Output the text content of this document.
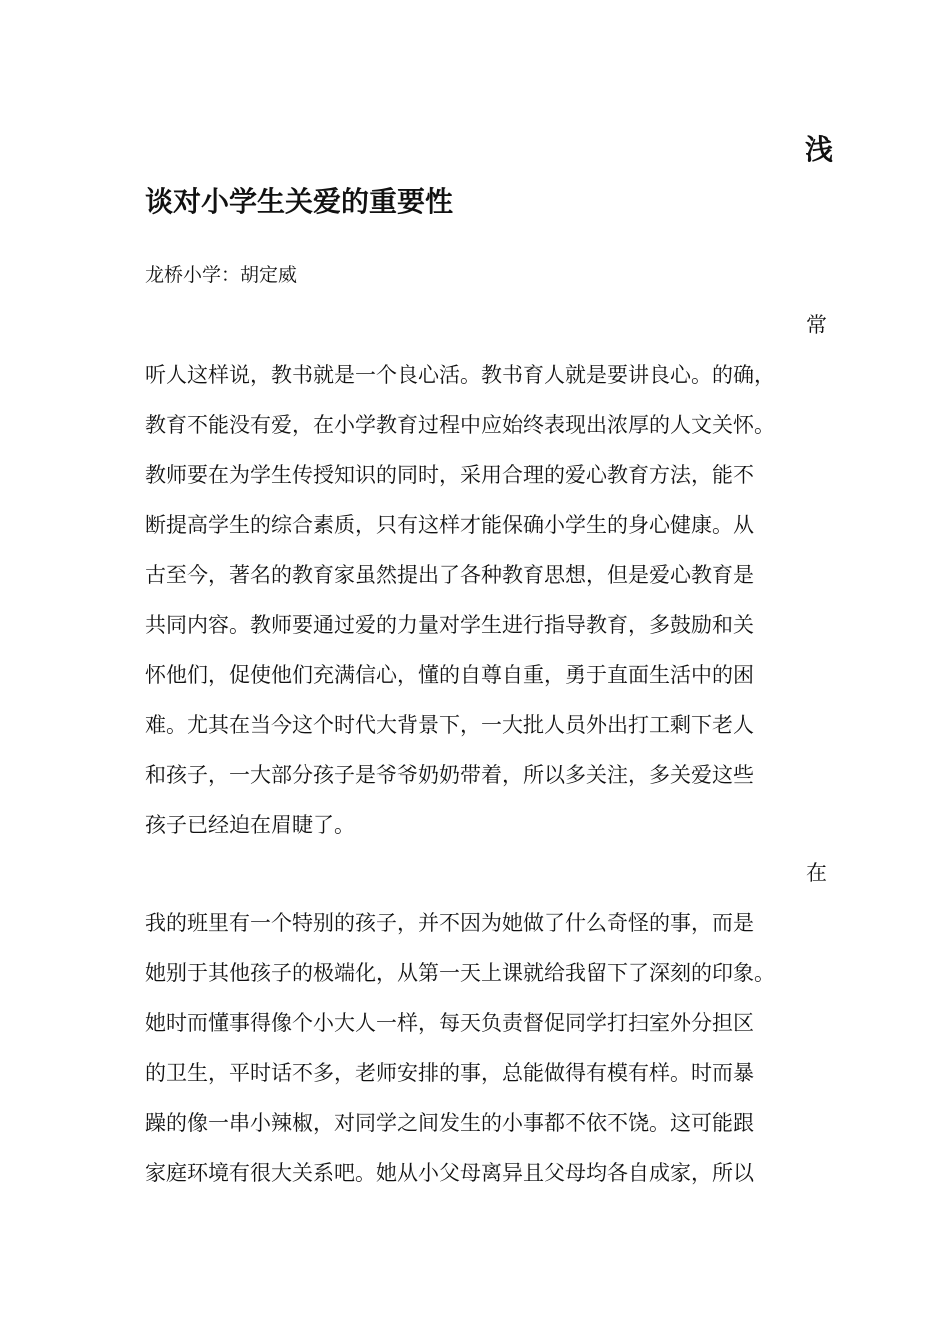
浅
谈对小学生关爱的重要性
龙桥小学：胡定威
常
听人这样说，教书就是一个良心活。教书育人就是要讲良心。的确，
教育不能没有爱，在小学教育过程中应始终表现出浓厚的人文关怀。
教师要在为学生传授知识的同时，采用合理的爱心教育方法，能不
断提高学生的综合素质，只有这样才能保确小学生的身心健康。从
古至今，著名的教育家虽然提出了各种教育思想，但是爱心教育是
共同内容。教师要通过爱的力量对学生进行指导教育，多鼓励和关
怀他们，促使他们充满信心，懂的自尊自重，勇于直面生活中的困
难。尤其在当今这个时代大背景下，一大批人员外出打工剩下老人
和孩子，一大部分孩子是爷爷奶奶带着，所以多关注，多关爱这些
孩子已经迫在眉睫了。
在
我的班里有一个特别的孩子，并不因为她做了什么奇怪的事，而是
她别于其他孩子的极端化，从第一天上课就给我留下了深刻的印象。
她时而懂事得像个小大人一样，每天负责督促同学打扫室外分担区
的卫生，平时话不多，老师安排的事，总能做得有模有样。时而暴
躁的像一串小辣椒，对同学之间发生的小事都不依不饶。这可能跟
家庭环境有很大关系吧。她从小父母离异且父母均各自成家，所以
